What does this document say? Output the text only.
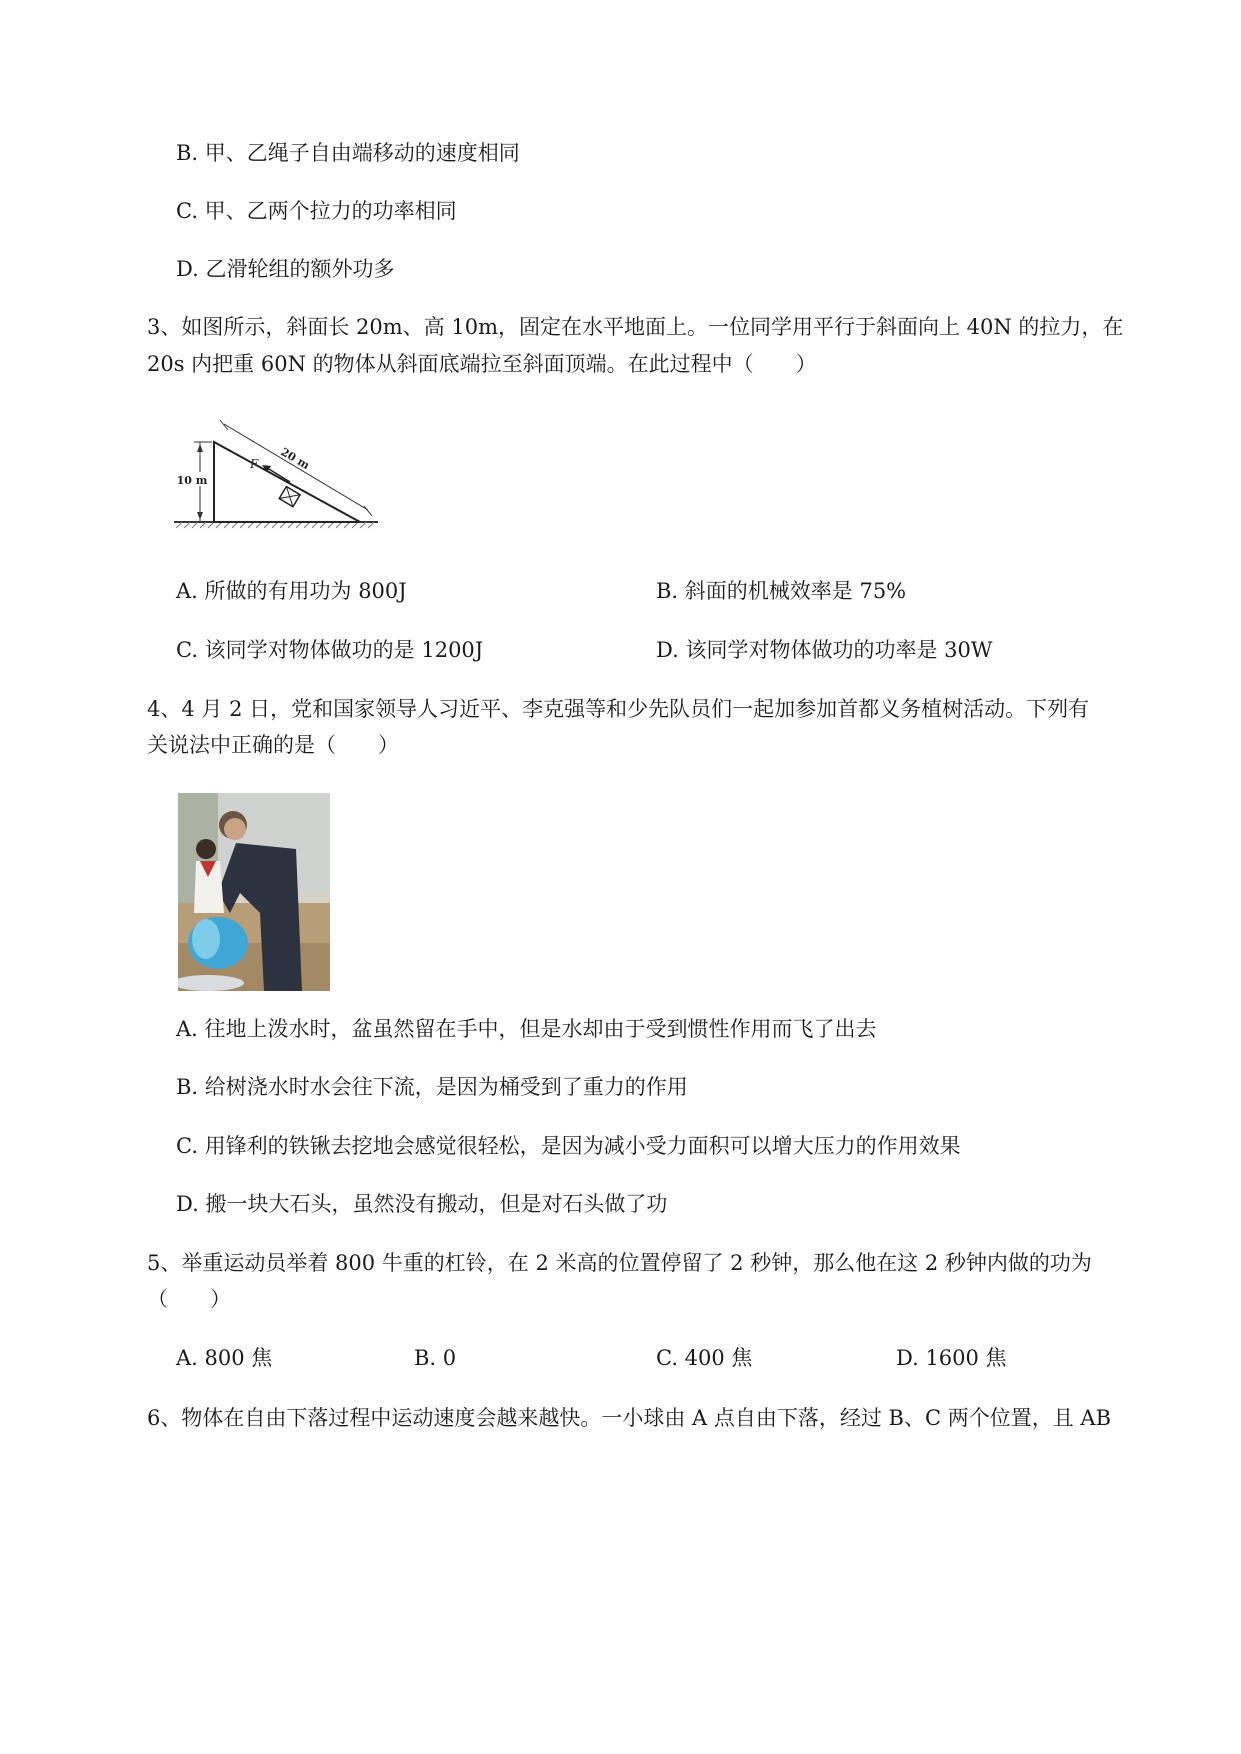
B. 甲、乙绳子自由端移动的速度相同
C. 甲、乙两个拉力的功率相同
D. 乙滑轮组的额外功多
3、如图所示，斜面长 20m、高 10m，固定在水平地面上。一位同学用平行于斜面向上 40N 的拉力，在
20s 内把重 60N 的物体从斜面底端拉至斜面顶端。在此过程中（　　）
10 m
20 m
F
A. 所做的有用功为 800J	B. 斜面的机械效率是 75%
C. 该同学对物体做功的是 1200J	D. 该同学对物体做功的功率是 30W
4、4 月 2 日，党和国家领导人习近平、李克强等和少先队员们一起加参加首都义务植树活动。下列有
关说法中正确的是（　　）
A. 往地上泼水时，盆虽然留在手中，但是水却由于受到惯性作用而飞了出去
B. 给树浇水时水会往下流，是因为桶受到了重力的作用
C. 用锋利的铁锹去挖地会感觉很轻松，是因为减小受力面积可以增大压力的作用效果
D. 搬一块大石头，虽然没有搬动，但是对石头做了功
5、举重运动员举着 800 牛重的杠铃，在 2 米高的位置停留了 2 秒钟，那么他在这 2 秒钟内做的功为
（　　）
A. 800 焦	B. 0	C. 400 焦	D. 1600 焦
6、物体在自由下落过程中运动速度会越来越快。一小球由 A 点自由下落，经过 B、C 两个位置，且 AB
